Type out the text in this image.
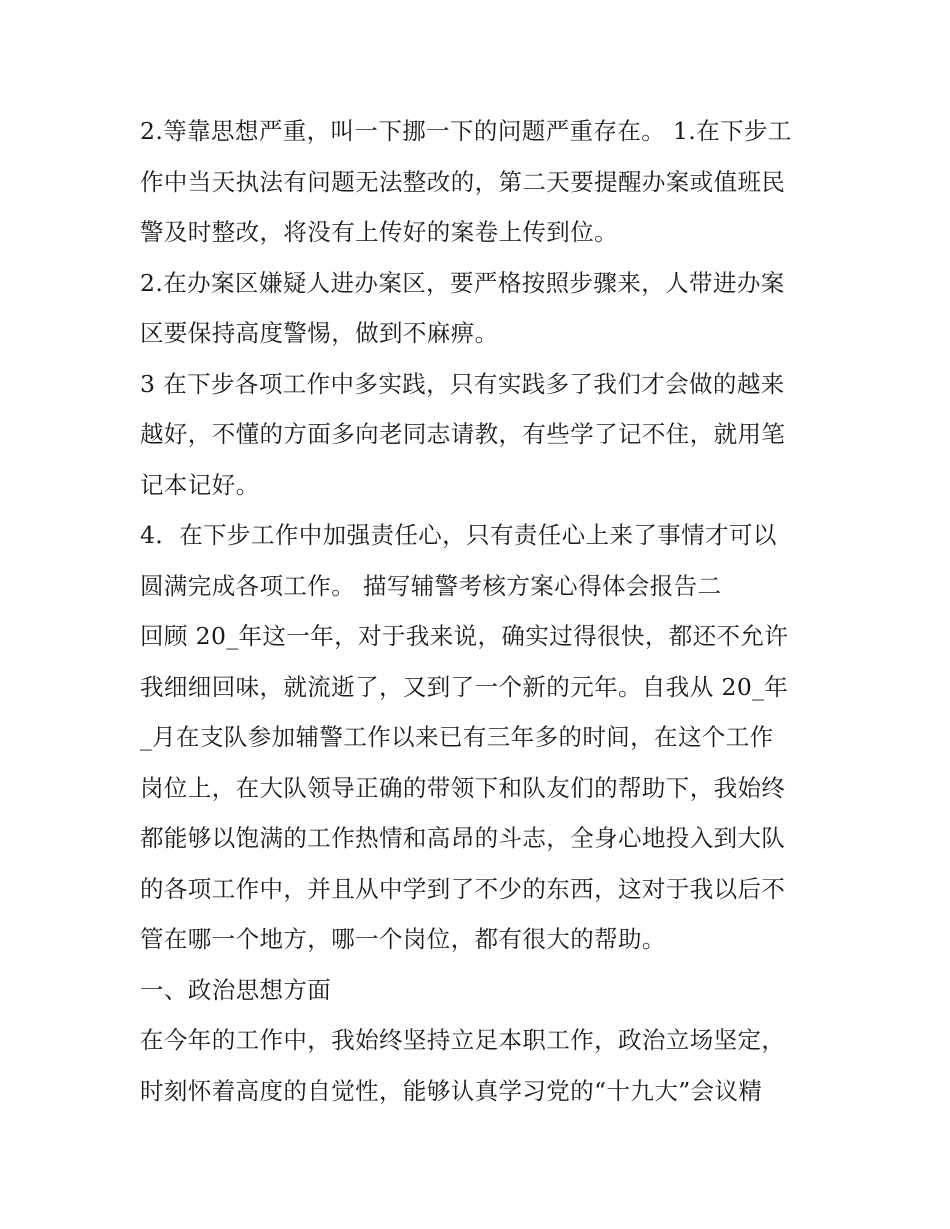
2.等靠思想严重，叫一下挪一下的问题严重存在。 1.在下步工
作中当天执法有问题无法整改的，第二天要提醒办案或值班民
警及时整改，将没有上传好的案卷上传到位。
2.在办案区嫌疑人进办案区，要严格按照步骤来，人带进办案
区要保持高度警惕，做到不麻痹。
3 在下步各项工作中多实践，只有实践多了我们才会做的越来
越好，不懂的方面多向老同志请教，有些学了记不住，就用笔
记本记好。
4．在下步工作中加强责任心，只有责任心上来了事情才可以
圆满完成各项工作。 描写辅警考核方案心得体会报告二
回顾 20_年这一年，对于我来说，确实过得很快，都还不允许
我细细回味，就流逝了，又到了一个新的元年。自我从 20_年
_月在支队参加辅警工作以来已有三年多的时间，在这个工作
岗位上，在大队领导正确的带领下和队友们的帮助下，我始终
都能够以饱满的工作热情和高昂的斗志，全身心地投入到大队
的各项工作中，并且从中学到了不少的东西，这对于我以后不
管在哪一个地方，哪一个岗位，都有很大的帮助。
一、政治思想方面
在今年的工作中，我始终坚持立足本职工作，政治立场坚定，
时刻怀着高度的自觉性，能够认真学习党的“十九大”会议精
